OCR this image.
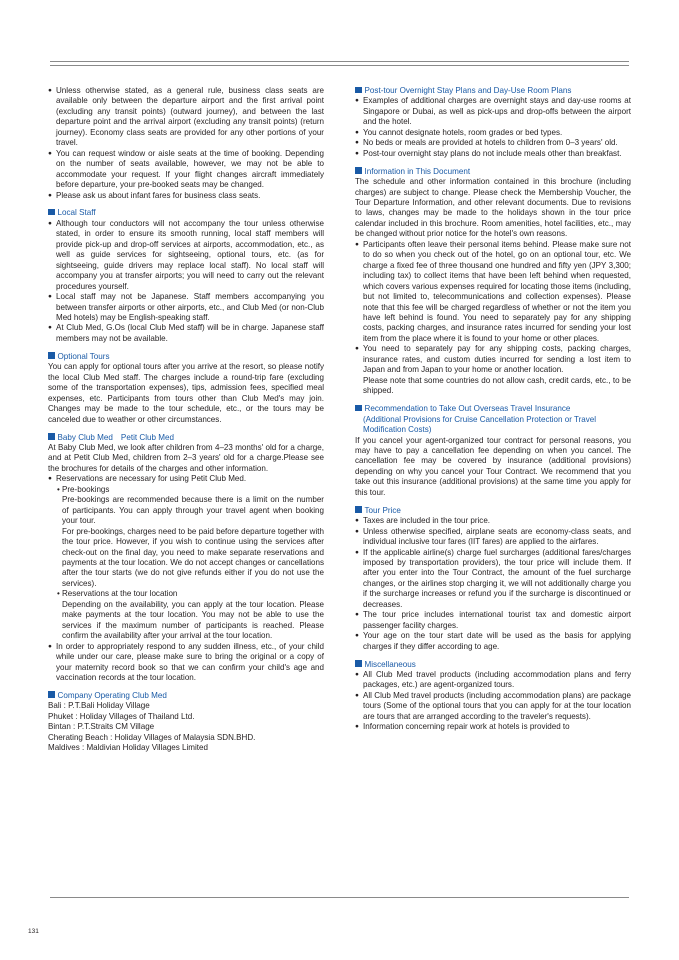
● Unless otherwise stated, as a general rule, business class seats are available only between the departure airport and the first arrival point (excluding any transit points) (outward journey), and between the last departure point and the arrival airport (excluding any transit points) (return journey). Economy class seats are provided for any other portions of your travel.

● You can request window or aisle seats at the time of booking. Depending on the number of seats available, however, we may not be able to accommodate your request. If your flight changes aircraft immediately before departure, your pre-booked seats may be changed.

● Please ask us about infant fares for business class seats.

Local Staff

● Although tour conductors will not accompany the tour unless otherwise stated, in order to ensure its smooth running, local staff members will provide pick-up and drop-off services at airports, accommodation, etc., as well as guide services for sightseeing, optional tours, etc. (as for sightseeing, guide drivers may replace local staff). No local staff will accompany you at transfer airports; you will need to carry out the relevant procedures yourself.

● Local staff may not be Japanese. Staff members accompanying you between transfer airports or other airports, etc., and Club Med (or non-Club Med hotels) may be English-speaking staff.

● At Club Med, G.Os (local Club Med staff) will be in charge. Japanese staff members may not be available.

Optional Tours

You can apply for optional tours after you arrive at the resort, so please notify the local Club Med staff. The charges include a round-trip fare (excluding some of the transportation expenses), tips, admission fees, specified meal expenses, etc. Participants from tours other than Club Med's may join. Changes may be made to the tour schedule, etc., or the tours may be canceled due to weather or other circumstances.

Baby Club Med　Petit Club Med

At Baby Club Med, we look after children from 4–23 months' old for a charge, and at Petit Club Med, children from 2–3 years' old for a charge.Please see the brochures for details of the charges and other information.

● Reservations are necessary for using Petit Club Med.

• Pre-bookings

Pre-bookings are recommended because there is a limit on the number of participants. You can apply through your travel agent when booking your tour.

For pre-bookings, charges need to be paid before departure together with the tour price. However, if you wish to continue using the services after check-out on the final day, you need to make separate reservations and payments at the tour location. We do not accept changes or cancellations after the tour starts (we do not give refunds either if you do not use the services).

• Reservations at the tour location

Depending on the availability, you can apply at the tour location. Please make payments at the tour location. You may not be able to use the services if the maximum number of participants is reached. Please confirm the availability after your arrival at the tour location.

● In order to appropriately respond to any sudden illness, etc., of your child while under our care, please make sure to bring the original or a copy of your maternity record book so that we can confirm your child's age and vaccination records at the tour location.

Company Operating Club Med

Bali : P.T.Bali Holiday Village

Phuket : Holiday Villages of Thailand Ltd.

Bintan : P.T.Straits CM Village

Cherating Beach : Holiday Villages of Malaysia SDN.BHD.

Maldives : Maldivian Holiday Villages Limited

Post-tour Overnight Stay Plans and Day-Use Room Plans

● Examples of additional charges are overnight stays and day-use rooms at Singapore or Dubai, as well as pick-ups and drop-offs between the airport and the hotel.

● You cannot designate hotels, room grades or bed types.

● No beds or meals are provided at hotels to children from 0–3 years' old.

● Post-tour overnight stay plans do not include meals other than breakfast.

Information in This Document

The schedule and other information contained in this brochure (including charges) are subject to change. Please check the Membership Voucher, the Tour Departure Information, and other relevant documents. Due to revisions to laws, changes may be made to the holidays shown in the tour price calendar included in this brochure. Room amenities, hotel facilities, etc., may be changed without prior notice for the hotel's own reasons.

● Participants often leave their personal items behind. Please make sure not to do so when you check out of the hotel, go on an optional tour, etc. We charge a fixed fee of three thousand one hundred and fifty yen (JPY 3,300; including tax) to collect items that have been left behind when requested, which covers various expenses required for locating those items (including, but not limited to, telecommunications and collection expenses). Please note that this fee will be charged regardless of whether or not the item you have left behind is found. You need to separately pay for any shipping costs, packing charges, and insurance rates incurred for sending your lost item from the place where it is found to your home or other places.

● You need to separately pay for any shipping costs, packing charges, insurance rates, and custom duties incurred for sending a lost item to Japan and from Japan to your home or another location.

Please note that some countries do not allow cash, credit cards, etc., to be shipped.

Recommendation to Take Out Overseas Travel Insurance
(Additional Provisions for Cruise Cancellation Protection or Travel Modification Costs)

If you cancel your agent-organized tour contract for personal reasons, you may have to pay a cancellation fee depending on when you cancel. The cancellation fee may be covered by insurance (additional provisions) depending on why you cancel your Tour Contract. We recommend that you take out this insurance (additional provisions) at the same time you apply for this tour.

Tour Price

● Taxes are included in the tour price.

● Unless otherwise specified, airplane seats are economy-class seats, and individual inclusive tour fares (IIT fares) are applied to the airfares.

● If the applicable airline(s) charge fuel surcharges (additional fares/charges imposed by transportation providers), the tour price will include them. If after you enter into the Tour Contract, the amount of the fuel surcharge changes, or the airlines stop charging it, we will not additionally charge you if the surcharge increases or refund you if the surcharge is discontinued or decreases.

● The tour price includes international tourist tax and domestic airport passenger facility charges.

● Your age on the tour start date will be used as the basis for applying charges if they differ according to age.

Miscellaneous

● All Club Med travel products (including accommodation plans and ferry packages, etc.) are agent-organized tours.

● All Club Med travel products (including accommodation plans) are package tours (Some of the optional tours that you can apply for at the tour location are tours that are arranged according to the traveler's requests).

● Information concerning repair work at hotels is provided to

131
